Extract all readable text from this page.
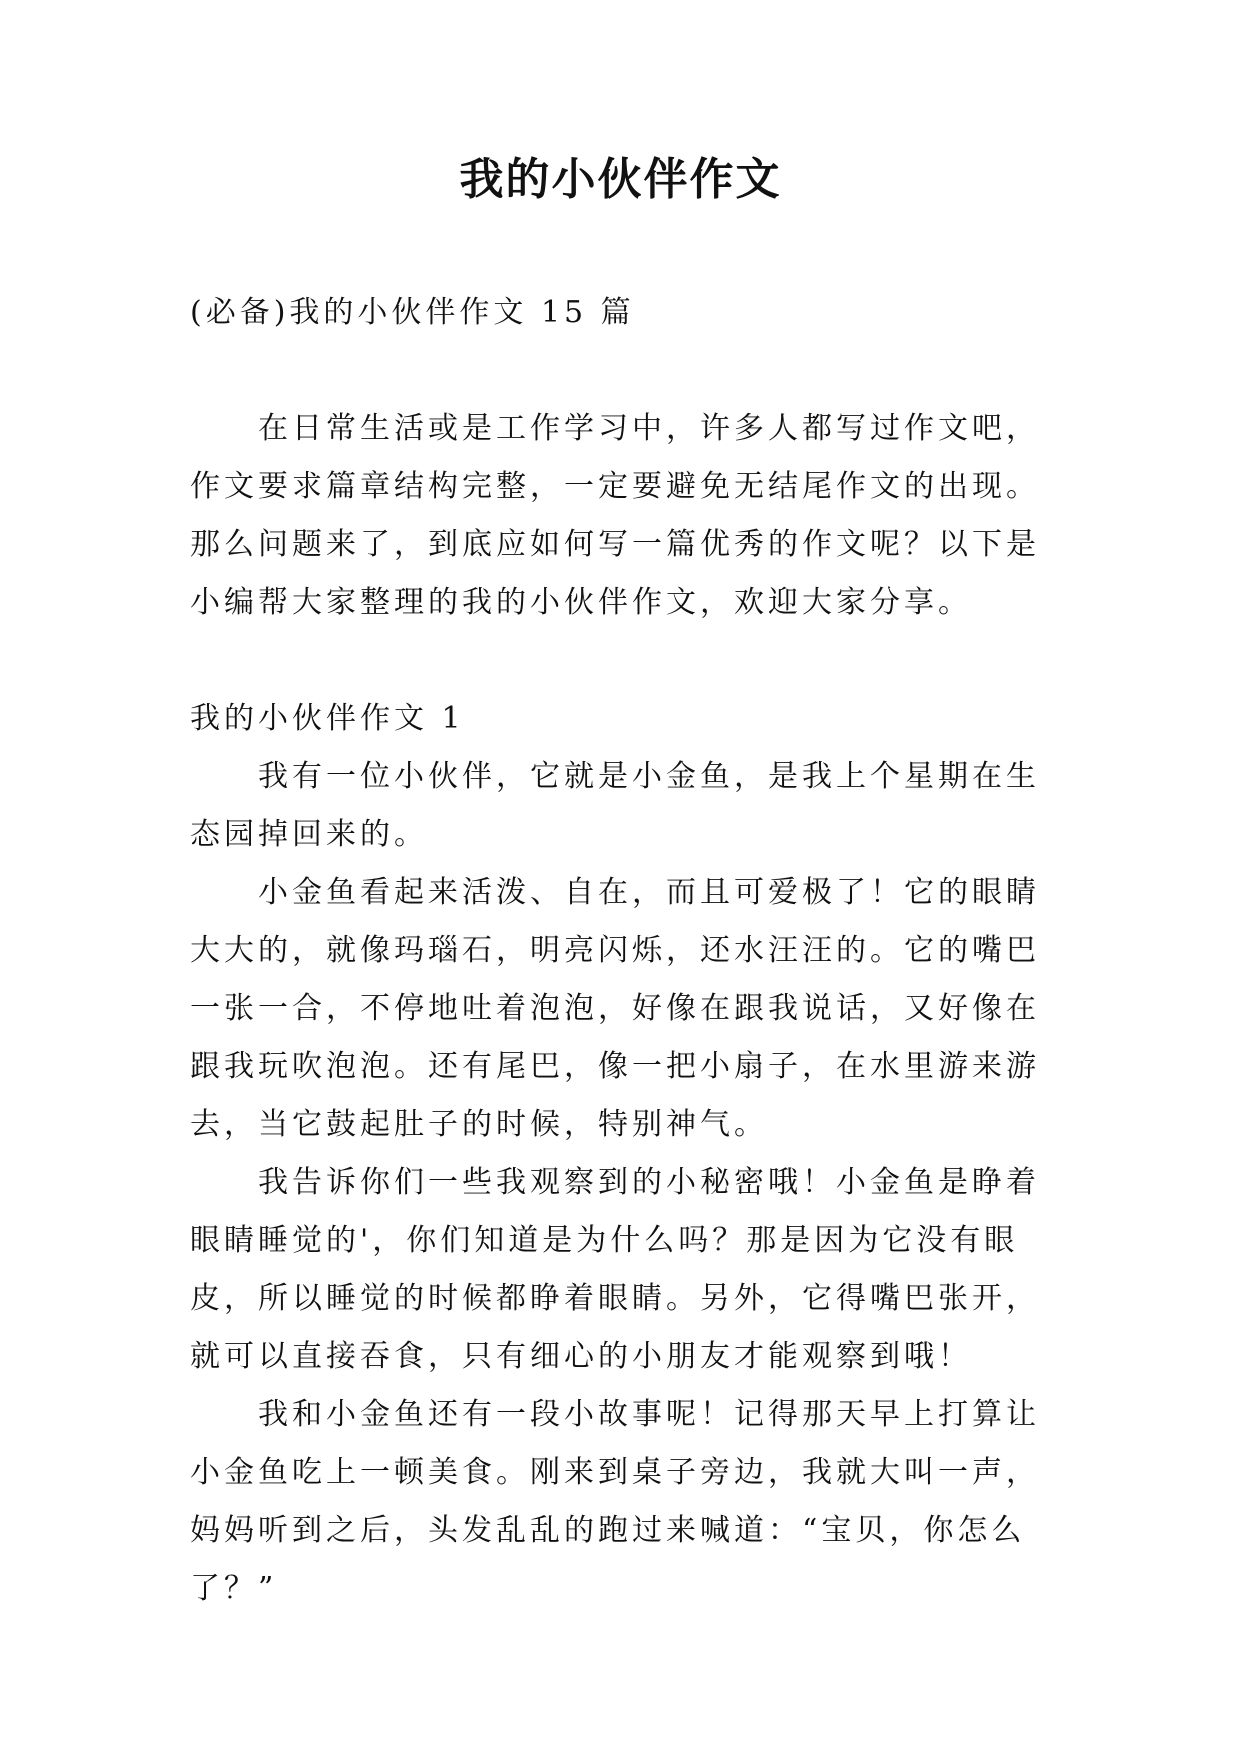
我的小伙伴作文

(必备)我的小伙伴作文 15 篇

在日常生活或是工作学习中，许多人都写过作文吧，作文要求篇章结构完整，一定要避免无结尾作文的出现。那么问题来了，到底应如何写一篇优秀的作文呢？以下是小编帮大家整理的我的小伙伴作文，欢迎大家分享。

我的小伙伴作文 1

我有一位小伙伴，它就是小金鱼，是我上个星期在生态园掉回来的。

小金鱼看起来活泼、自在，而且可爱极了！它的眼睛大大的，就像玛瑙石，明亮闪烁，还水汪汪的。它的嘴巴一张一合，不停地吐着泡泡，好像在跟我说话，又好像在跟我玩吹泡泡。还有尾巴，像一把小扇子，在水里游来游去，当它鼓起肚子的时候，特别神气。

我告诉你们一些我观察到的小秘密哦！小金鱼是睁着眼睛睡觉的'，你们知道是为什么吗？那是因为它没有眼皮，所以睡觉的时候都睁着眼睛。另外，它得嘴巴张开，就可以直接吞食，只有细心的小朋友才能观察到哦！

我和小金鱼还有一段小故事呢！记得那天早上打算让小金鱼吃上一顿美食。刚来到桌子旁边，我就大叫一声，妈妈听到之后，头发乱乱的跑过来喊道：“宝贝，你怎么了？”
